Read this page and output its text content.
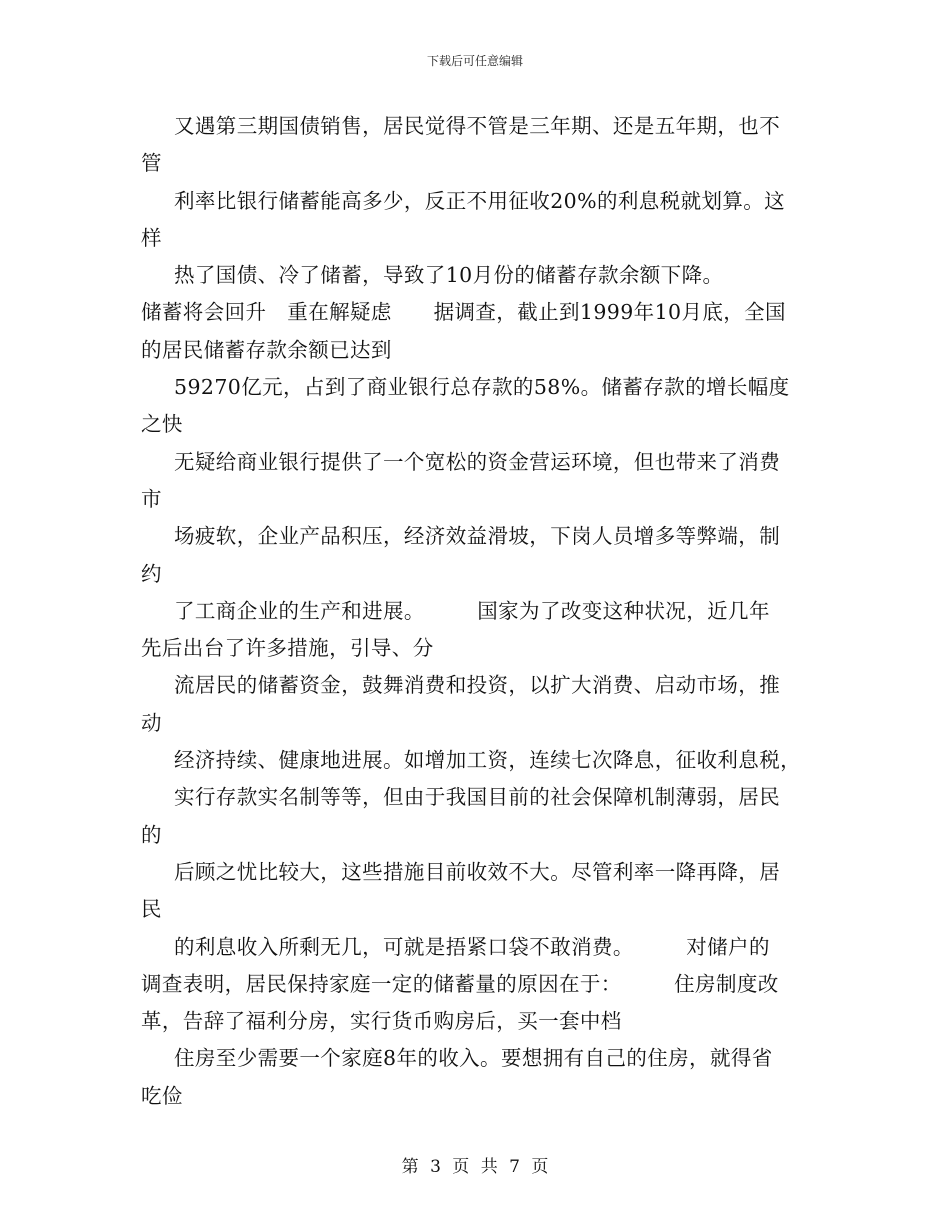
下载后可任意编辑
又遇第三期国债销售，居民觉得不管是三年期、还是五年期，也不
管
利率比银行储蓄能高多少，反正不用征收20%的利息税就划算。这
样
热了国债、冷了储蓄，导致了10月份的储蓄存款余额下降。
储蓄将会回升　重在解疑虑　　据调查，截止到1999年10月底，全国
的居民储蓄存款余额已达到
59270亿元，占到了商业银行总存款的58%。储蓄存款的增长幅度
之快
无疑给商业银行提供了一个宽松的资金营运环境，但也带来了消费
市
场疲软，企业产品积压，经济效益滑坡，下岗人员增多等弊端，制
约
了工商企业的生产和进展。　　　国家为了改变这种状况，近几年
先后出台了许多措施，引导、分
流居民的储蓄资金，鼓舞消费和投资，以扩大消费、启动市场，推
动
经济持续、健康地进展。如增加工资，连续七次降息，征收利息税，
实行存款实名制等等，但由于我国目前的社会保障机制薄弱，居民
的
后顾之忧比较大，这些措施目前收效不大。尽管利率一降再降，居
民
的利息收入所剩无几，可就是捂紧口袋不敢消费。　　　对储户的
调查表明，居民保持家庭一定的储蓄量的原因在于：　　　住房制度改
革，告辞了福利分房，实行货币购房后，买一套中档
住房至少需要一个家庭8年的收入。要想拥有自己的住房，就得省
吃俭
第 3 页 共 7 页
